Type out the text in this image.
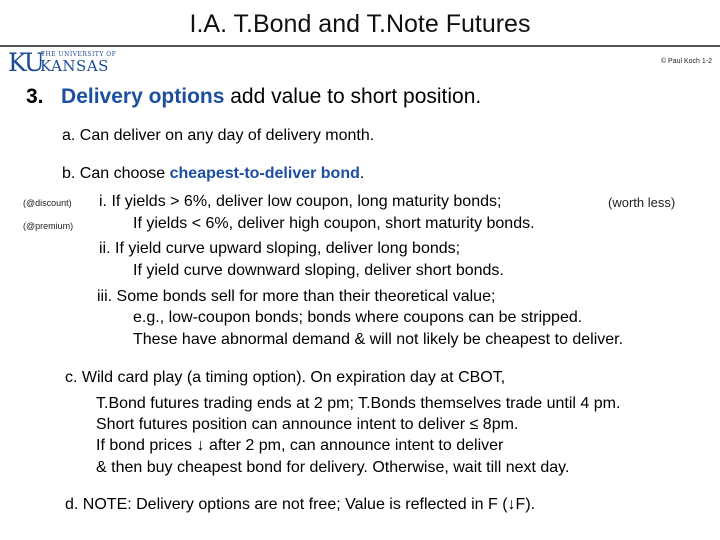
I.A. T.Bond and T.Note Futures
KU
THE UNIVERSITY OF
KANSAS	© Paul Koch 1-2
3. Delivery options add value to short position.
a. Can deliver on any day of delivery month.
b. Can choose cheapest-to-deliver bond.
(@discount)
(@premium)
i. If yields > 6%, deliver low coupon, long maturity bonds;	(worth less)
If yields < 6%, deliver high coupon, short maturity bonds.
ii. If yield curve upward sloping, deliver long bonds;
If yield curve downward sloping, deliver short bonds.
iii. Some bonds sell for more than their theoretical value;
e.g., low-coupon bonds; bonds where coupons can be stripped.
These have abnormal demand & will not likely be cheapest to deliver.
c. Wild card play (a timing option). On expiration day at CBOT,
T.Bond futures trading ends at 2 pm; T.Bonds themselves trade until 4 pm.
Short futures position can announce intent to deliver ≤ 8pm.
If bond prices ↓ after 2 pm, can announce intent to deliver
& then buy cheapest bond for delivery. Otherwise, wait till next day.
d. NOTE: Delivery options are not free; Value is reflected in F (↓F).
